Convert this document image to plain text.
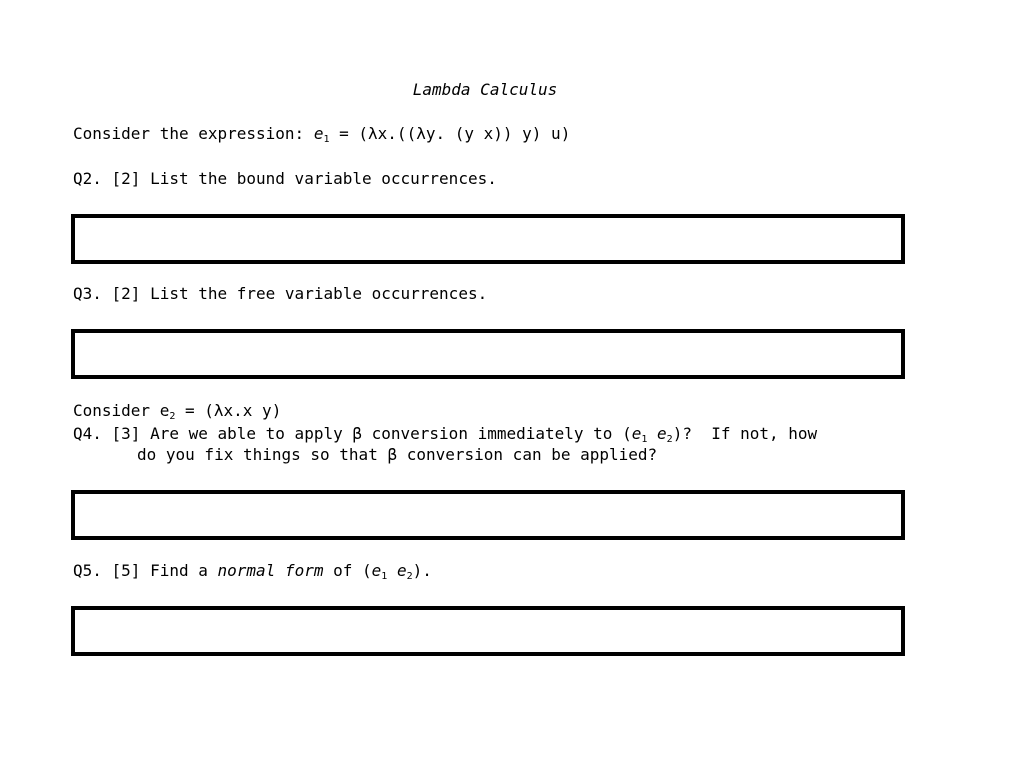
Lambda Calculus
Consider the expression: $e_1 = (\lambda x.((\lambda y$. (y x)) y) u)
Q2. [2] List the bound variable occurrences.
Q3. [2] List the free variable occurrences.
Consider $e_2 = (\lambda x.x$ y)
Q4. [3] Are we able to apply β conversion immediately to ($e_1$ $e_2$)?  If not, how
do you fix things so that β conversion can be applied?
Q5. [5] Find a normal form of ($e_1$ $e_2$).
